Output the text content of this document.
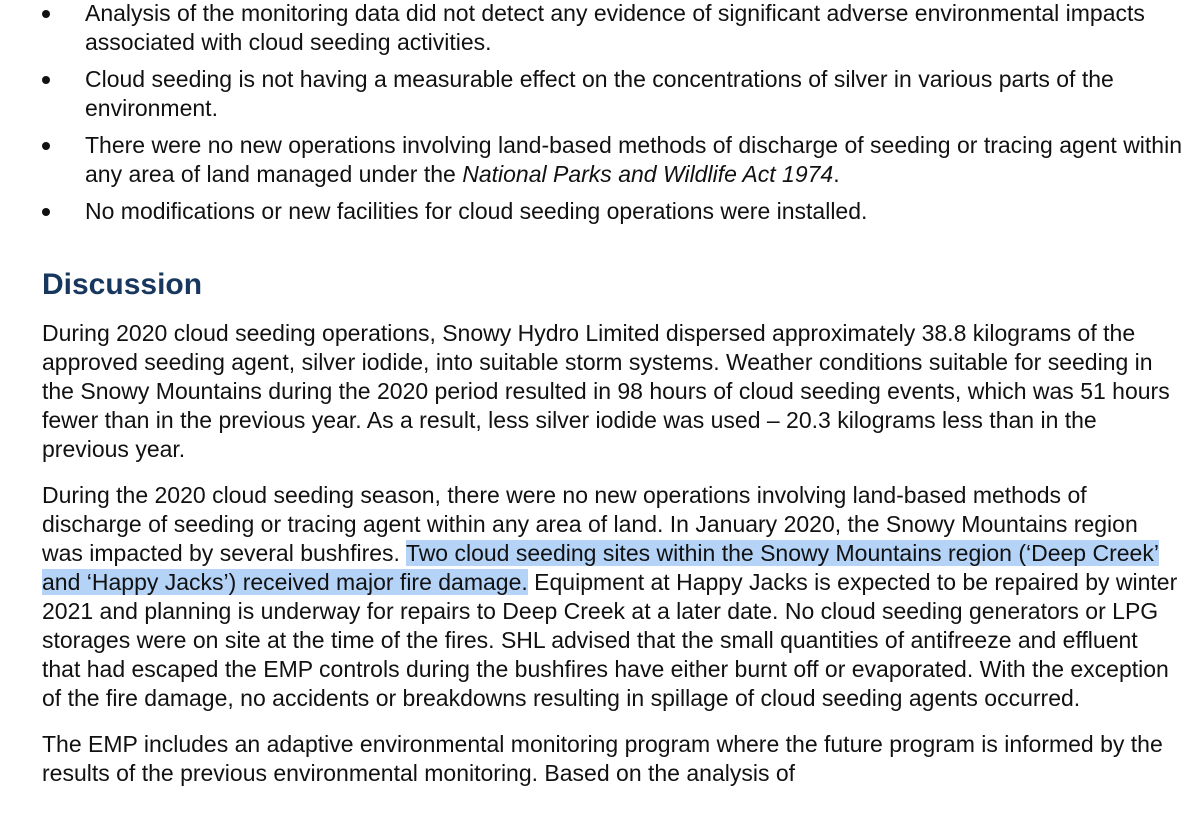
Analysis of the monitoring data did not detect any evidence of significant adverse environmental impacts associated with cloud seeding activities.
Cloud seeding is not having a measurable effect on the concentrations of silver in various parts of the environment.
There were no new operations involving land-based methods of discharge of seeding or tracing agent within any area of land managed under the National Parks and Wildlife Act 1974.
No modifications or new facilities for cloud seeding operations were installed.
Discussion

During 2020 cloud seeding operations, Snowy Hydro Limited dispersed approximately 38.8 kilograms of the approved seeding agent, silver iodide, into suitable storm systems. Weather conditions suitable for seeding in the Snowy Mountains during the 2020 period resulted in 98 hours of cloud seeding events, which was 51 hours fewer than in the previous year. As a result, less silver iodide was used – 20.3 kilograms less than in the previous year.

During the 2020 cloud seeding season, there were no new operations involving land-based methods of discharge of seeding or tracing agent within any area of land. In January 2020, the Snowy Mountains region was impacted by several bushfires. Two cloud seeding sites within the Snowy Mountains region (‘Deep Creek’ and ‘Happy Jacks’) received major fire damage. Equipment at Happy Jacks is expected to be repaired by winter 2021 and planning is underway for repairs to Deep Creek at a later date. No cloud seeding generators or LPG storages were on site at the time of the fires. SHL advised that the small quantities of antifreeze and effluent that had escaped the EMP controls during the bushfires have either burnt off or evaporated. With the exception of the fire damage, no accidents or breakdowns resulting in spillage of cloud seeding agents occurred.

The EMP includes an adaptive environmental monitoring program where the future program is informed by the results of the previous environmental monitoring. Based on the analysis of
